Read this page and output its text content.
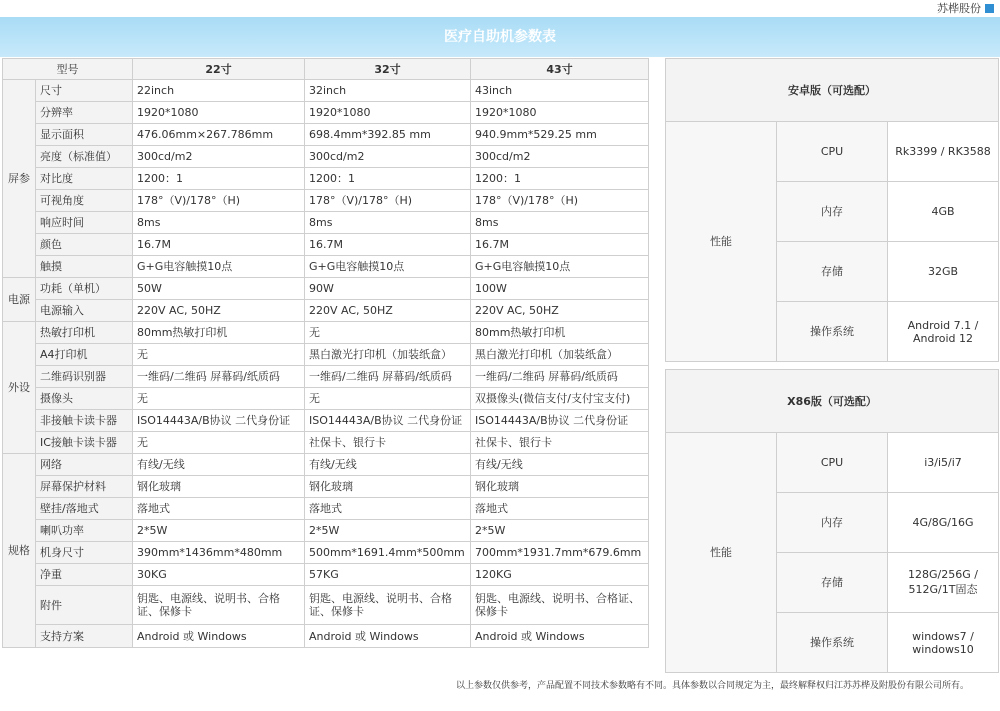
苏桦股份
医疗自助机参数表
型号		22寸	32寸	43寸
屏参	尺寸	22inch	32inch	43inch
	分辨率	1920*1080	1920*1080	1920*1080
	显示面积	476.06mm×267.786mm	698.4mm*392.85 mm	940.9mm*529.25 mm
	亮度（标准值）	300cd/m2	300cd/m2	300cd/m2
	对比度	1200：1	1200：1	1200：1
	可视角度	178°（V)/178°（H)	178°（V)/178°（H)	178°（V)/178°（H)
	响应时间	8ms	8ms	8ms
	颜色	16.7M	16.7M	16.7M
	触摸	G+G电容触摸10点	G+G电容触摸10点	G+G电容触摸10点
电源	功耗（单机）	50W	90W	100W
	电源输入	220V AC, 50HZ	220V AC, 50HZ	220V AC, 50HZ
外设	热敏打印机	80mm热敏打印机	无	80mm热敏打印机
	A4打印机	无	黑白激光打印机（加装纸盒）	黑白激光打印机（加装纸盒）
	二维码识别器	一维码/二维码 屏幕码/纸质码	一维码/二维码 屏幕码/纸质码	一维码/二维码 屏幕码/纸质码
	摄像头	无	无	双摄像头(微信支付/支付宝支付)
	非接触卡读卡器	ISO14443A/B协议 二代身份证	ISO14443A/B协议 二代身份证	ISO14443A/B协议 二代身份证
	IC接触卡读卡器	无	社保卡、银行卡	社保卡、银行卡
规格	网络	有线/无线	有线/无线	有线/无线
	屏幕保护材料	钢化玻璃	钢化玻璃	钢化玻璃
	壁挂/落地式	落地式	落地式	落地式
	喇叭功率	2*5W	2*5W	2*5W
	机身尺寸	390mm*1436mm*480mm	500mm*1691.4mm*500mm	700mm*1931.7mm*679.6mm
	净重	30KG	57KG	120KG
	附件	钥匙、电源线、说明书、合格证、保修卡	钥匙、电源线、说明书、合格证、保修卡	钥匙、电源线、说明书、合格证、保修卡
	支持方案	Android 或 Windows	Android 或 Windows	Android 或 Windows
安卓版（可选配）		
性能	CPU	Rk3399 / RK3588
	内存	4GB
	存储	32GB
	操作系统	Android 7.1 / Android 12
X86版（可选配）		
性能	CPU	i3/i5/i7
	内存	4G/8G/16G
	存储	128G/256G / 512G/1T固态
	操作系统	windows7 / windows10
以上参数仅供参考，产品配置不同技术参数略有不同。具体参数以合同规定为主，最终解释权归江苏苏桦及附股份有限公司所有。
